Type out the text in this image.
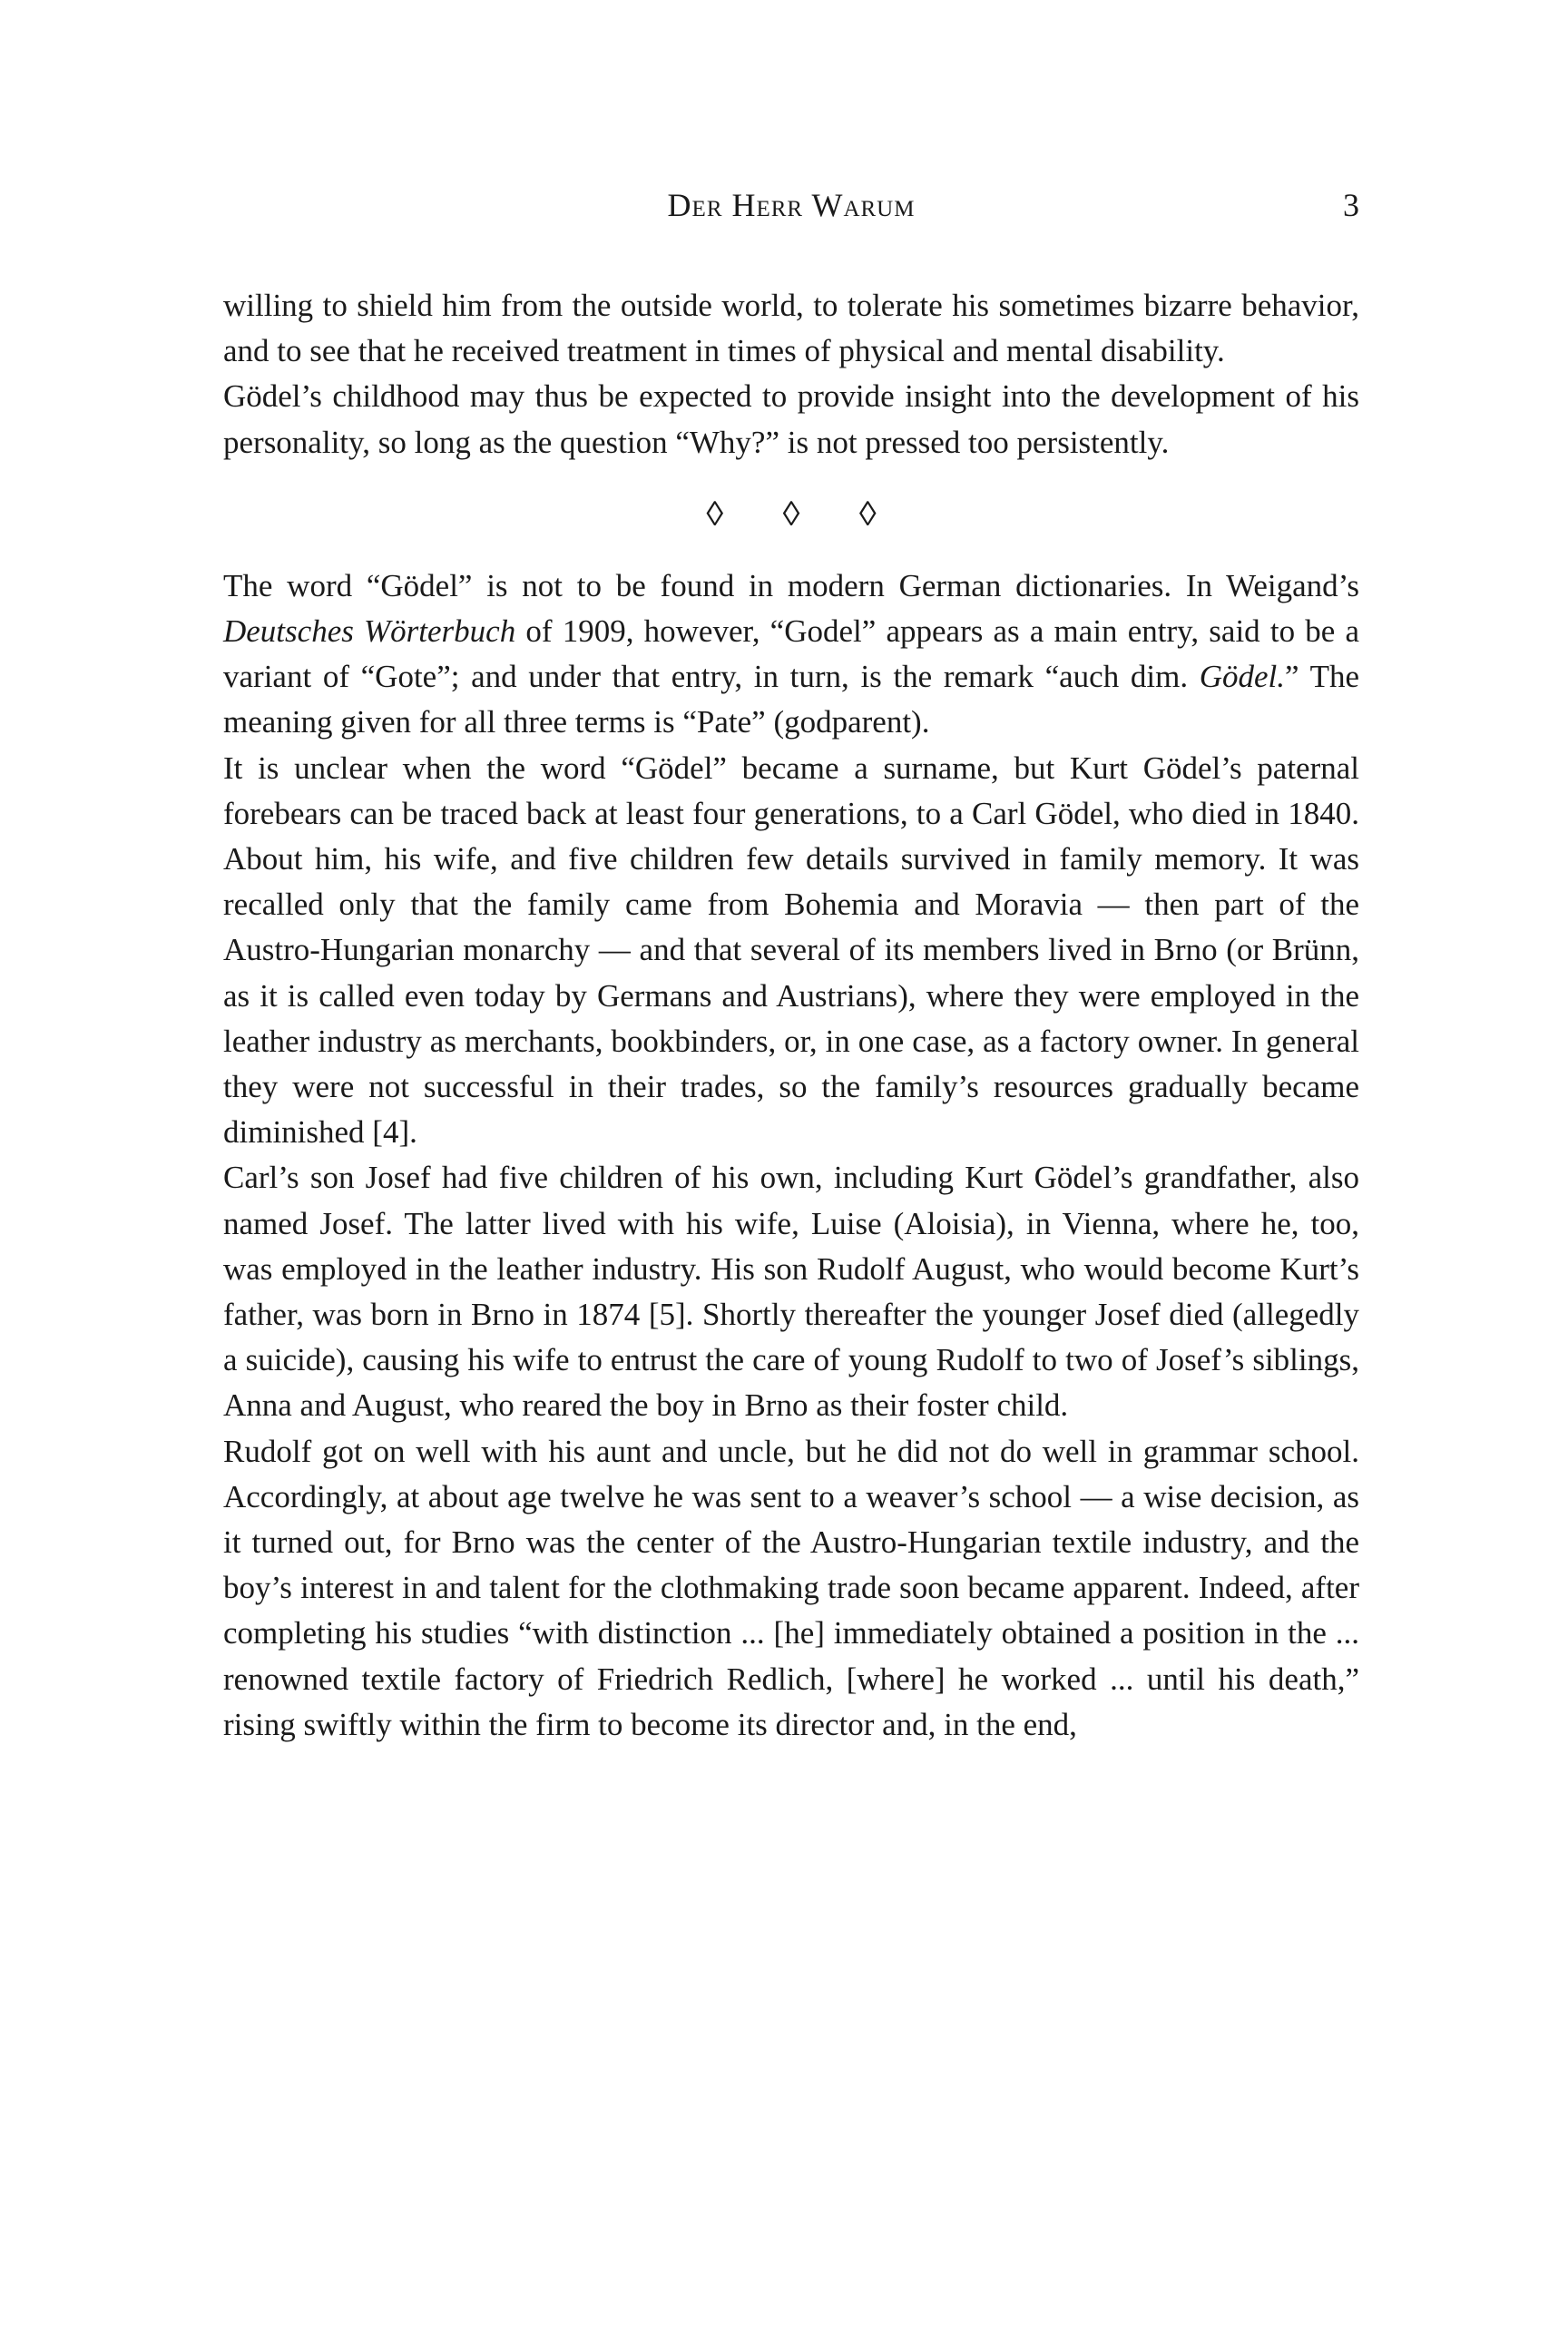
Der Herr Warum	3

willing to shield him from the outside world, to tolerate his sometimes bizarre behavior, and to see that he received treatment in times of physical and mental disability.

Gödel’s childhood may thus be expected to provide insight into the development of his personality, so long as the question “Why?” is not pressed too persistently.

◊ ◊ ◊

The word “Gödel” is not to be found in modern German dictionaries. In Weigand’s Deutsches Wörterbuch of 1909, however, “Godel” appears as a main entry, said to be a variant of “Gote”; and under that entry, in turn, is the remark “auch dim. Gödel.” The meaning given for all three terms is “Pate” (godparent).

It is unclear when the word “Gödel” became a surname, but Kurt Gödel’s paternal forebears can be traced back at least four generations, to a Carl Gödel, who died in 1840. About him, his wife, and five children few details survived in family memory. It was recalled only that the family came from Bohemia and Moravia — then part of the Austro-Hungarian monarchy — and that several of its members lived in Brno (or Brünn, as it is called even today by Germans and Austrians), where they were employed in the leather industry as merchants, bookbinders, or, in one case, as a factory owner. In general they were not successful in their trades, so the family’s resources gradually became diminished [4].

Carl’s son Josef had five children of his own, including Kurt Gödel’s grandfather, also named Josef. The latter lived with his wife, Luise (Aloisia), in Vienna, where he, too, was employed in the leather industry. His son Rudolf August, who would become Kurt’s father, was born in Brno in 1874 [5]. Shortly thereafter the younger Josef died (allegedly a suicide), causing his wife to entrust the care of young Rudolf to two of Josef’s siblings, Anna and August, who reared the boy in Brno as their foster child.

Rudolf got on well with his aunt and uncle, but he did not do well in grammar school. Accordingly, at about age twelve he was sent to a weaver’s school — a wise decision, as it turned out, for Brno was the center of the Austro-Hungarian textile industry, and the boy’s interest in and talent for the clothmaking trade soon became apparent. Indeed, after completing his studies “with distinction ... [he] immediately obtained a position in the ... renowned textile factory of Friedrich Redlich, [where] he worked ... until his death,” rising swiftly within the firm to become its director and, in the end,
